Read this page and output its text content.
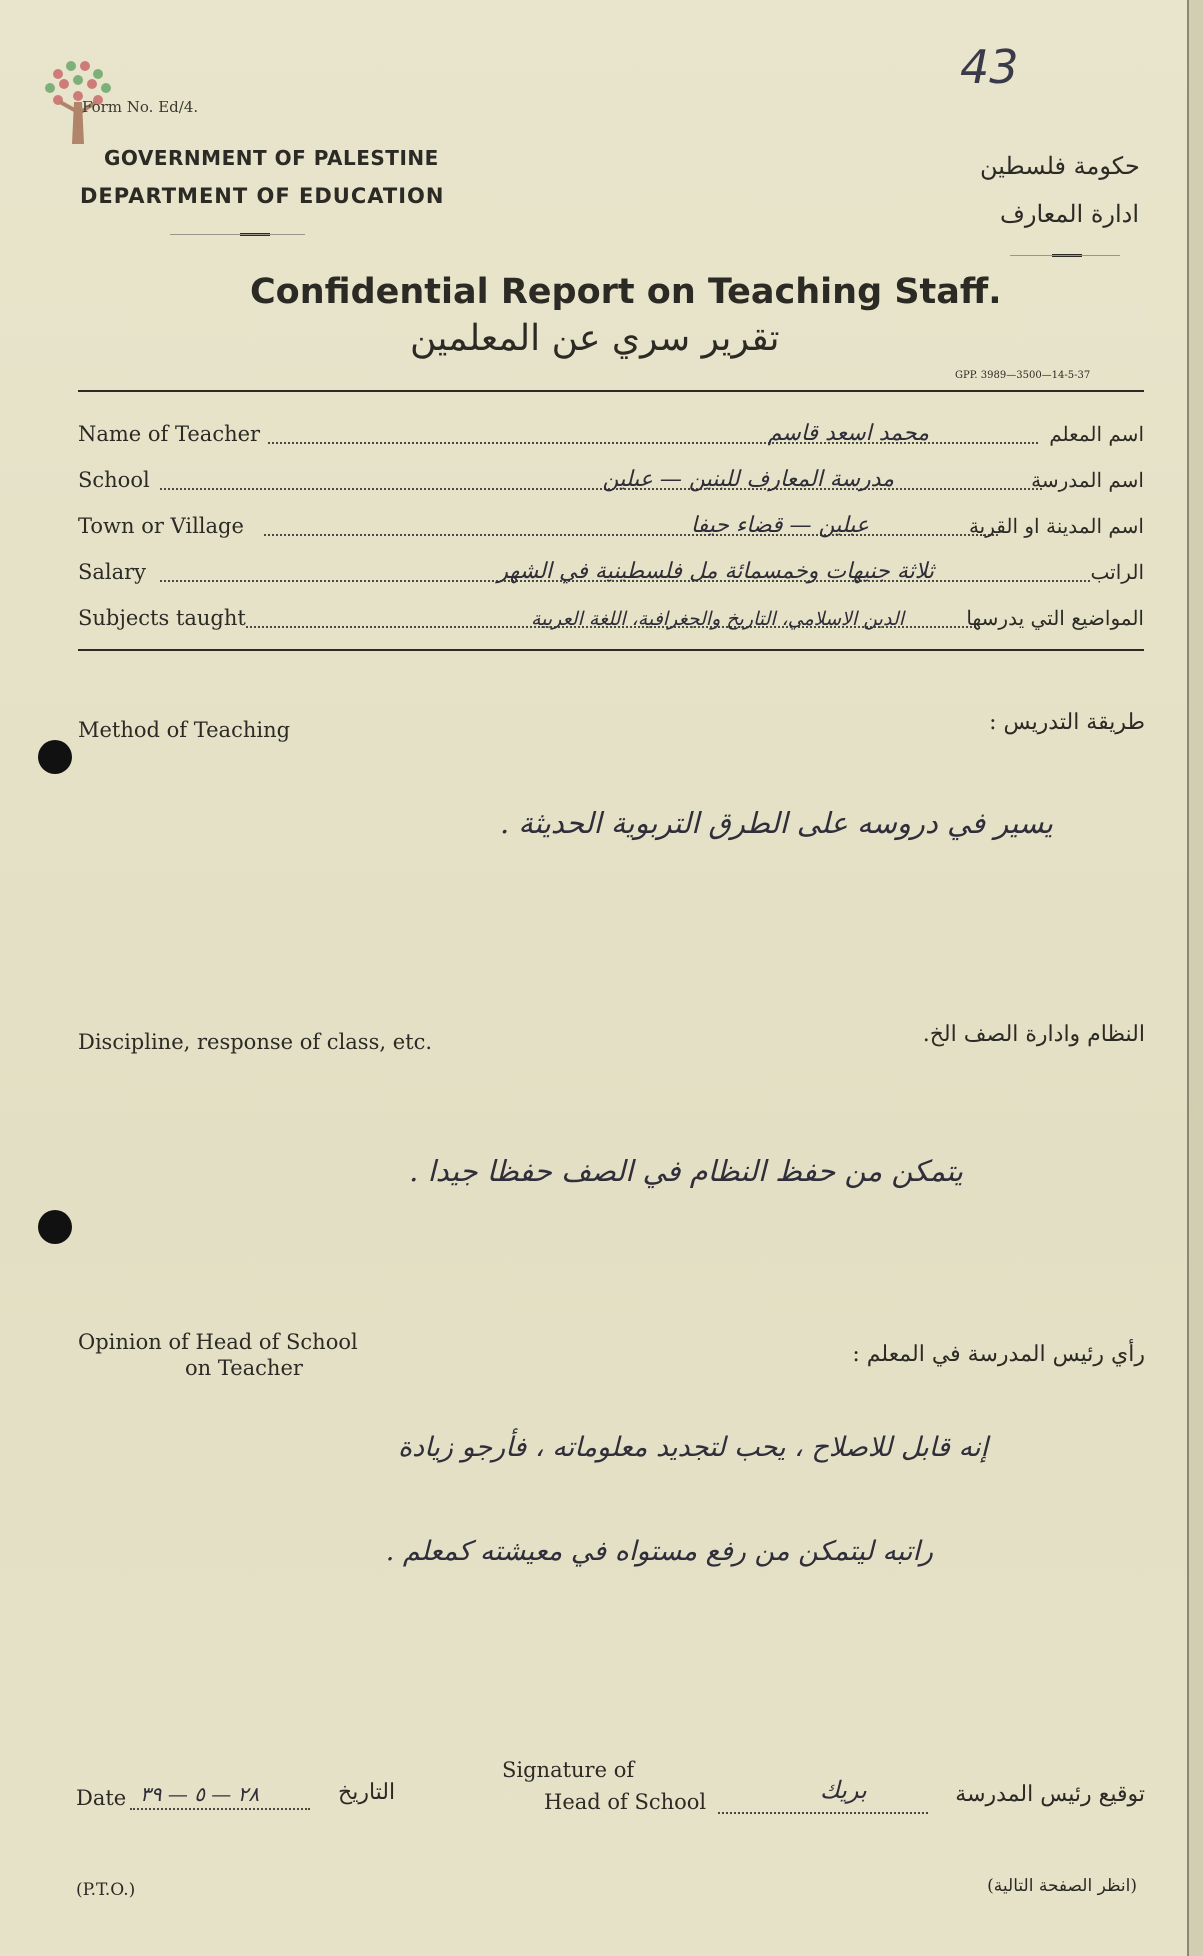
Form No. Ed/4.
43
GOVERNMENT OF PALESTINE
DEPARTMENT OF EDUCATION
حكومة فلسطين
ادارة المعارف
Confidential Report on Teaching Staff.
تقرير سري عن المعلمين
GPP. 3989—3500—14-5-37
Name of Teacher	محمد اسعد قاسم	اسم المعلم
School	مدرسة المعارف للبنين — عبلين	اسم المدرسة
Town or Village	عبلين — قضاء حيفا	اسم المدينة او القرية
Salary	ثلاثة جنيهات وخمسمائة مل فلسطينية في الشهر	الراتب
Subjects taught	الدين الاسلامي، التاريخ والجغرافية، اللغة العربية	المواضيع التي يدرسها
Method of Teaching	طريقة التدريس :
يسير في دروسه على الطرق التربوية الحديثة .
Discipline, response of class, etc.	النظام وادارة الصف الخ.
يتمكن من حفظ النظام في الصف حفظا جيدا .
Opinion of Head of School
on Teacher
رأي رئيس المدرسة في المعلم :
إنه قابل للاصلاح ، يحب لتجديد معلوماته ، فأرجو زيادة
راتبه ليتمكن من رفع مستواه في معيشته كمعلم .
Date ٢٨ — ٥ — ٣٩	التاريخ
Signature of
Head of School	بريك	توقيع رئيس المدرسة
(P.T.O.)	(انظر الصفحة التالية)
